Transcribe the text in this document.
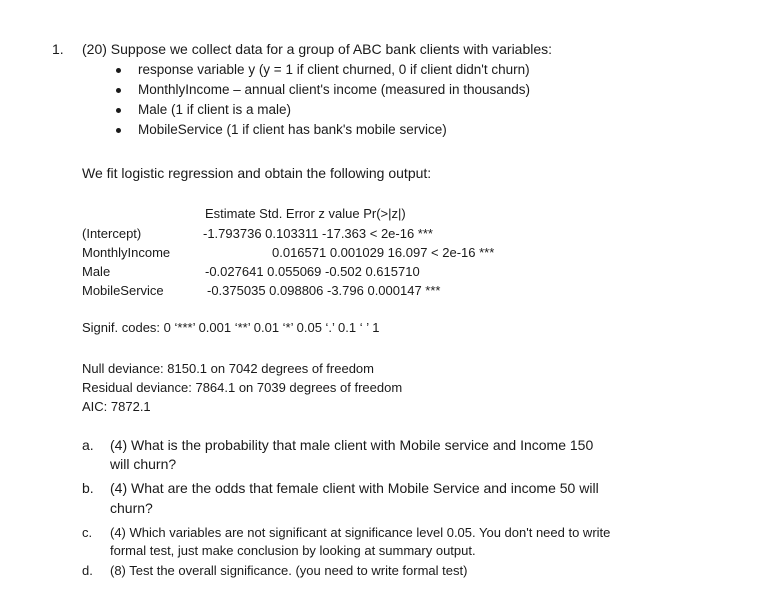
1. (20) Suppose we collect data for a group of ABC bank clients with variables:
response variable y (y = 1 if client churned, 0 if client didn't churn)
MonthlyIncome – annual client's income (measured in thousands)
Male (1 if client is a male)
MobileService (1 if client has bank's mobile service)
We fit logistic regression and obtain the following output:
Estimate Std. Error z value Pr(>|z|)
(Intercept)	-1.793736 0.103311 -17.363 < 2e-16 ***
MonthlyIncome	0.016571 0.001029 16.097 < 2e-16 ***
Male	-0.027641 0.055069 -0.502 0.615710
MobileService	-0.375035 0.098806 -3.796 0.000147 ***
Signif. codes: 0 ‘***’ 0.001 ‘**’ 0.01 ‘*’ 0.05 ‘.’ 0.1 ‘ ’ 1
Null deviance: 8150.1 on 7042 degrees of freedom
Residual deviance: 7864.1 on 7039 degrees of freedom
AIC: 7872.1
a. (4) What is the probability that male client with Mobile service and Income 150
will churn?
b. (4) What are the odds that female client with Mobile Service and income 50 will
churn?
c. (4) Which variables are not significant at significance level 0.05. You don't need to write
formal test, just make conclusion by looking at summary output.
d. (8) Test the overall significance. (you need to write formal test)
